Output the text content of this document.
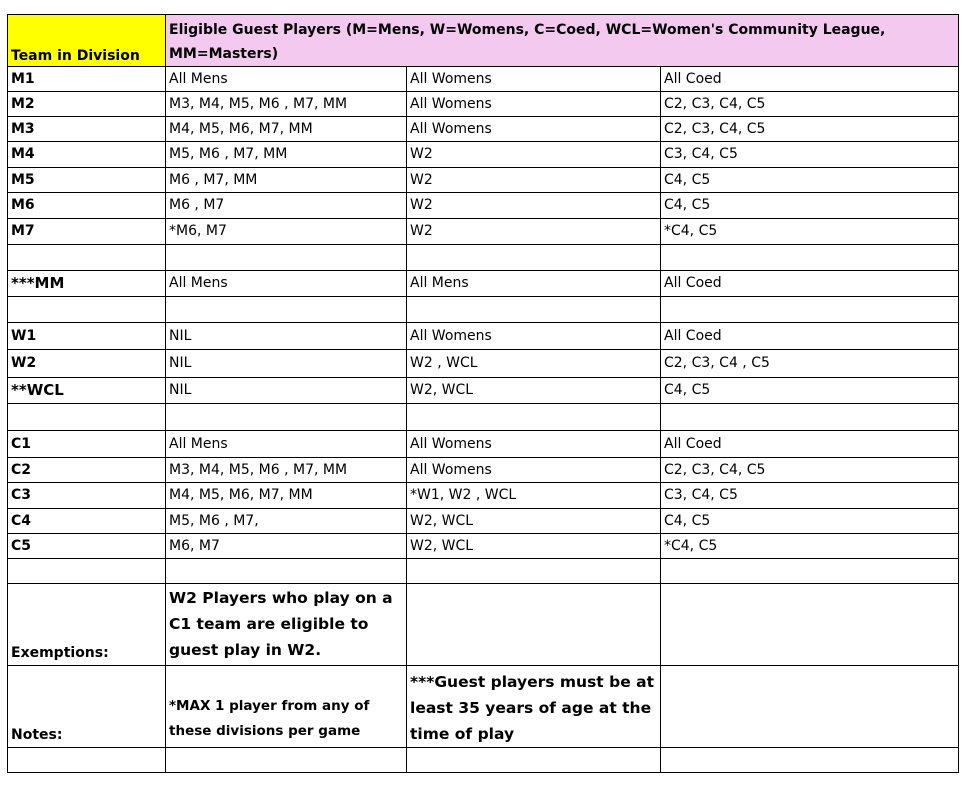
Team in Division	Eligible Guest Players (M=Mens, W=Womens, C=Coed, WCL=Women's Community League, MM=Masters)		
M1	All Mens	All Womens	All Coed
M2	M3, M4, M5, M6 , M7, MM	All Womens	C2, C3, C4, C5
M3	M4, M5, M6, M7, MM	All Womens	C2, C3, C4, C5
M4	M5, M6 , M7, MM	W2	C3, C4, C5
M5	M6 , M7, MM	W2	C4, C5
M6	M6 , M7	W2	C4, C5
M7	*M6, M7	W2	*C4, C5

***MM	All Mens	All Mens	All Coed

W1	NIL	All Womens	All Coed
W2	NIL	W2 , WCL	C2, C3, C4 , C5
**WCL	NIL	W2, WCL	C4, C5

C1	All Mens	All Womens	All Coed
C2	M3, M4, M5, M6 , M7, MM	All Womens	C2, C3, C4, C5
C3	M4, M5, M6, M7, MM	*W1, W2 , WCL	C3, C4, C5
C4	M5, M6 , M7,	W2, WCL	C4, C5
C5	M6, M7	W2, WCL	*C4, C5

Exemptions:	W2 Players who play on a C1 team are eligible to guest play in W2.		
Notes:	*MAX 1 player from any of these divisions per game	***Guest players must be at least 35 years of age at the time of play	
